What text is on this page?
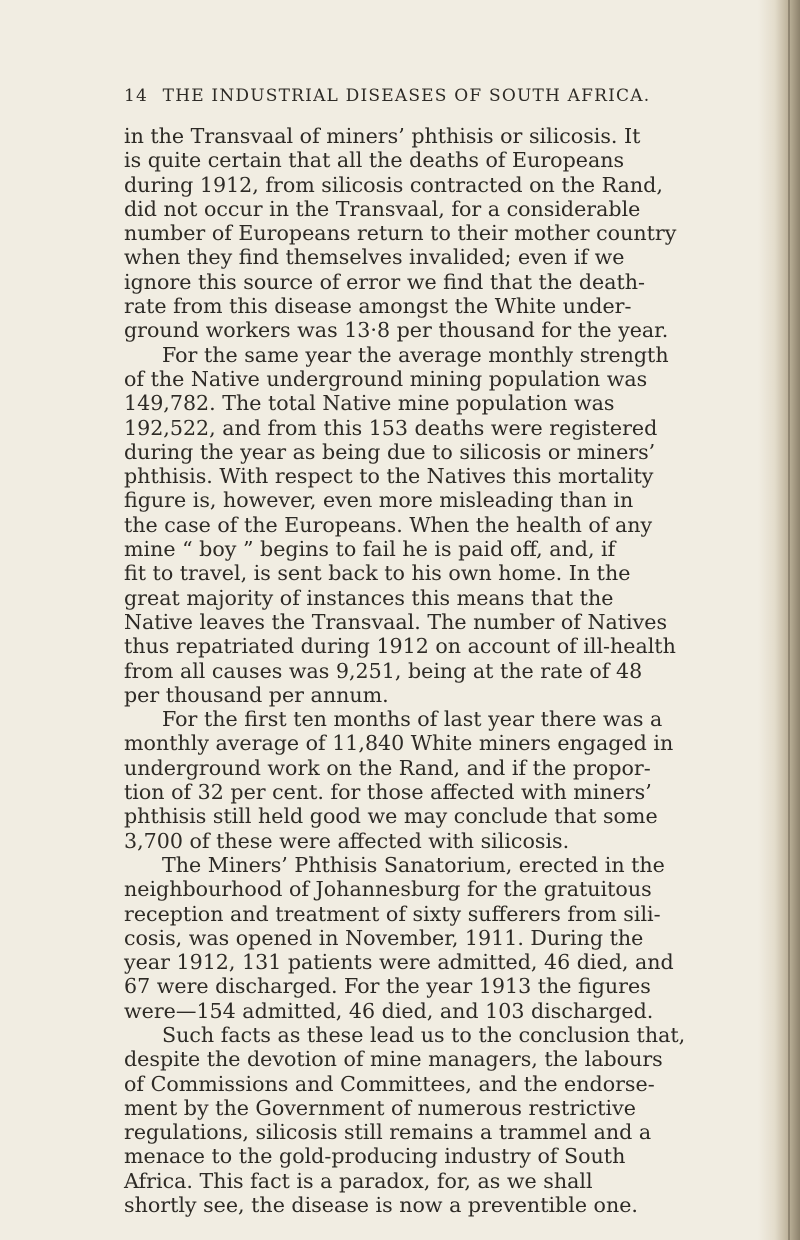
14 THE INDUSTRIAL DISEASES OF SOUTH AFRICA.
in the Transvaal of miners’ phthisis or silicosis. It
is quite certain that all the deaths of Europeans
during 1912, from silicosis contracted on the Rand,
did not occur in the Transvaal, for a considerable
number of Europeans return to their mother country
when they find themselves invalided; even if we
ignore this source of error we find that the death-
rate from this disease amongst the White under-
ground workers was 13·8 per thousand for the year.
For the same year the average monthly strength
of the Native underground mining population was
149,782. The total Native mine population was
192,522, and from this 153 deaths were registered
during the year as being due to silicosis or miners’
phthisis. With respect to the Natives this mortality
figure is, however, even more misleading than in
the case of the Europeans. When the health of any
mine “ boy ” begins to fail he is paid off, and, if
fit to travel, is sent back to his own home. In the
great majority of instances this means that the
Native leaves the Transvaal. The number of Natives
thus repatriated during 1912 on account of ill-health
from all causes was 9,251, being at the rate of 48
per thousand per annum.
For the first ten months of last year there was a
monthly average of 11,840 White miners engaged in
underground work on the Rand, and if the propor-
tion of 32 per cent. for those affected with miners’
phthisis still held good we may conclude that some
3,700 of these were affected with silicosis.
The Miners’ Phthisis Sanatorium, erected in the
neighbourhood of Johannesburg for the gratuitous
reception and treatment of sixty sufferers from sili-
cosis, was opened in November, 1911. During the
year 1912, 131 patients were admitted, 46 died, and
67 were discharged. For the year 1913 the figures
were—154 admitted, 46 died, and 103 discharged.
Such facts as these lead us to the conclusion that,
despite the devotion of mine managers, the labours
of Commissions and Committees, and the endorse-
ment by the Government of numerous restrictive
regulations, silicosis still remains a trammel and a
menace to the gold-producing industry of South
Africa. This fact is a paradox, for, as we shall
shortly see, the disease is now a preventible one.
